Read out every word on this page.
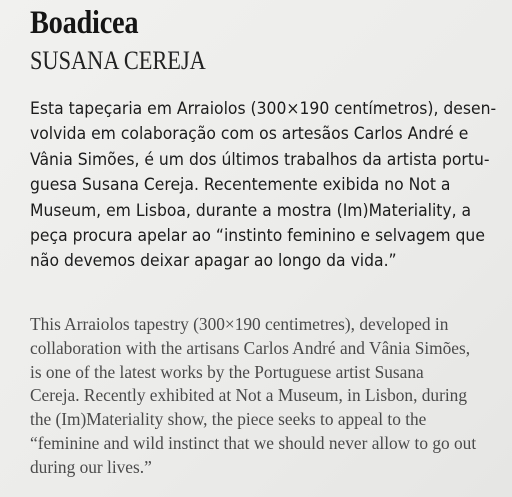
Boadicea
SUSANA CEREJA

Esta tapeçaria em Arraiolos (300×190 centímetros), desen-
volvida em colaboração com os artesãos Carlos André e
Vânia Simões, é um dos últimos trabalhos da artista portu-
guesa Susana Cereja. Recentemente exibida no Not a
Museum, em Lisboa, durante a mostra (Im)Materiality, a
peça procura apelar ao “instinto feminino e selvagem que
não devemos deixar apagar ao longo da vida.”

This Arraiolos tapestry (300×190 centimetres), developed in
collaboration with the artisans Carlos André and Vânia Simões,
is one of the latest works by the Portuguese artist Susana
Cereja. Recently exhibited at Not a Museum, in Lisbon, during
the (Im)Materiality show, the piece seeks to appeal to the
“feminine and wild instinct that we should never allow to go out
during our lives.”
